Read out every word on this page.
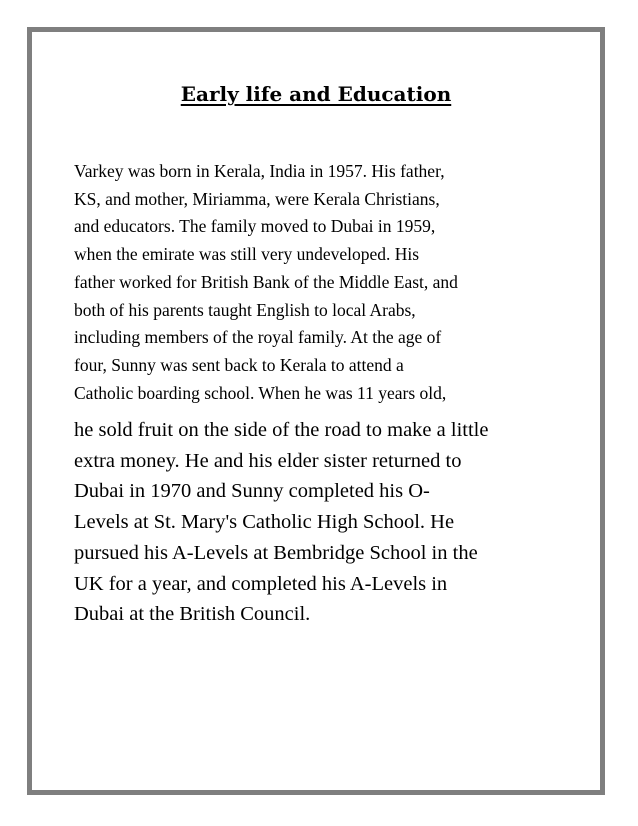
Early life and Education

Varkey was born in Kerala, India in 1957. His father,
KS, and mother, Miriamma, were Kerala Christians,
and educators. The family moved to Dubai in 1959,
when the emirate was still very undeveloped. His
father worked for British Bank of the Middle East, and
both of his parents taught English to local Arabs,
including members of the royal family. At the age of
four, Sunny was sent back to Kerala to attend a
Catholic boarding school. When he was 11 years old,

he sold fruit on the side of the road to make a little
extra money. He and his elder sister returned to
Dubai in 1970 and Sunny completed his O-
Levels at St. Mary's Catholic High School. He
pursued his A-Levels at Bembridge School in the
UK for a year, and completed his A-Levels in
Dubai at the British Council.
